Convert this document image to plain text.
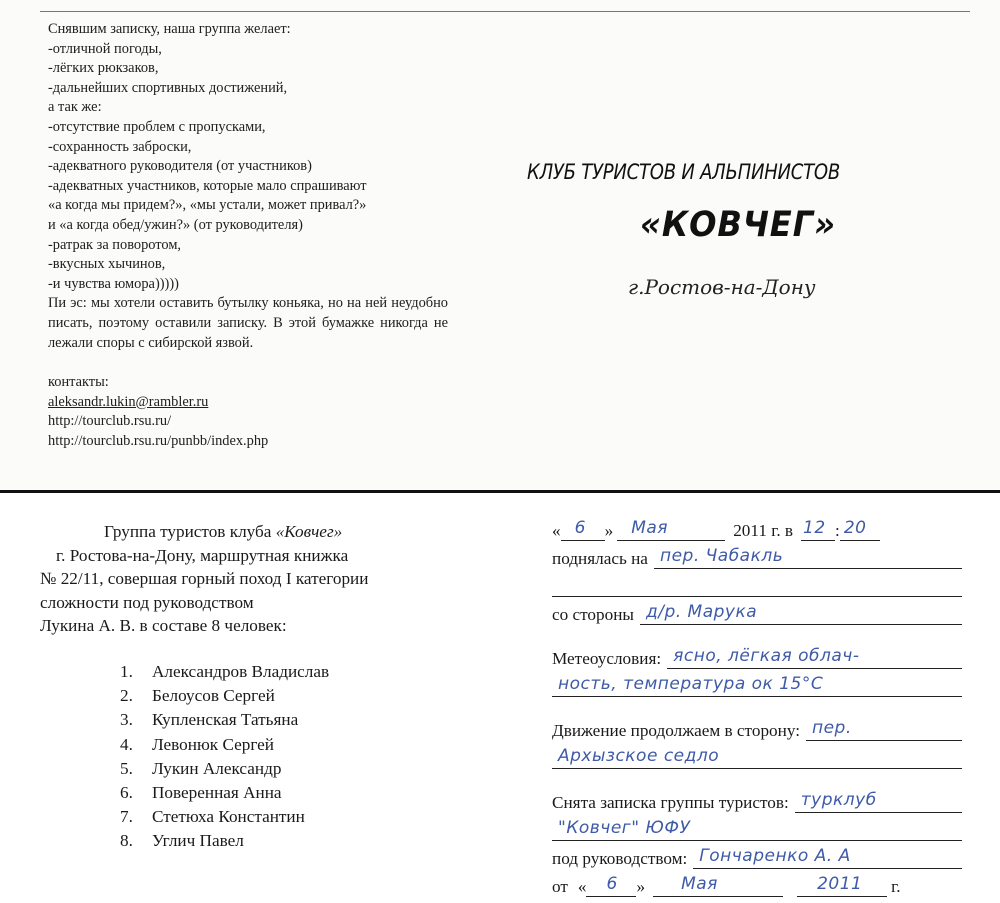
Снявшим записку, наша группа желает:

-отличной погоды,

-лёгких рюкзаков,

-дальнейших спортивных достижений,

а так же:

-отсутствие проблем с пропусками,

-сохранность заброски,

-адекватного руководителя (от участников)

-адекватных участников, которые мало спрашивают

«а когда мы придем?», «мы устали, может привал?»

и «а когда обед/ужин?» (от руководителя)

-ратрак за поворотом,

-вкусных хычинов,

-и чувства юмора)))))

Пи эс: мы хотели оставить бутылку коньяка, но на ней неудобно писать, поэтому оставили записку. В этой бумажке никогда не лежали споры с сибирской язвой.

контакты:

aleksandr.lukin@rambler.ru

http://tourclub.rsu.ru/

http://tourclub.rsu.ru/punbb/index.php

КЛУБ ТУРИСТОВ И АЛЬПИНИСТОВ
«КОВЧЕГ»
г.Ростов-на-Дону

Группа туристов клуба «Ковчег»

г. Ростова-на-Дону, маршрутная книжка

№ 22/11, совершая горный поход I категории

сложности под руководством

Лукина А. В. в составе 8 человек:

1.	Александров Владислав
2.	Белоусов Сергей
3.	Купленская Татьяна
4.	Левонюк Сергей
5.	Лукин Александр
6.	Поверенная Анна
7.	Стетюха Константин
8.	Углич Павел
« 6 » Мая	2011 г. в 12 : 20
поднялась на пер. Чабакль
со стороны д/р. Марука
Метеоусловия: ясно, лёгкая облач-
ность, температура ок 15°С
Движение продолжаем в сторону: пер.
Архызское седло
Снята записка группы туристов: турклуб
"Ковчег" ЮФУ
под руководством: Гончаренко А. А
от « 6 » Мая	2011 г.
